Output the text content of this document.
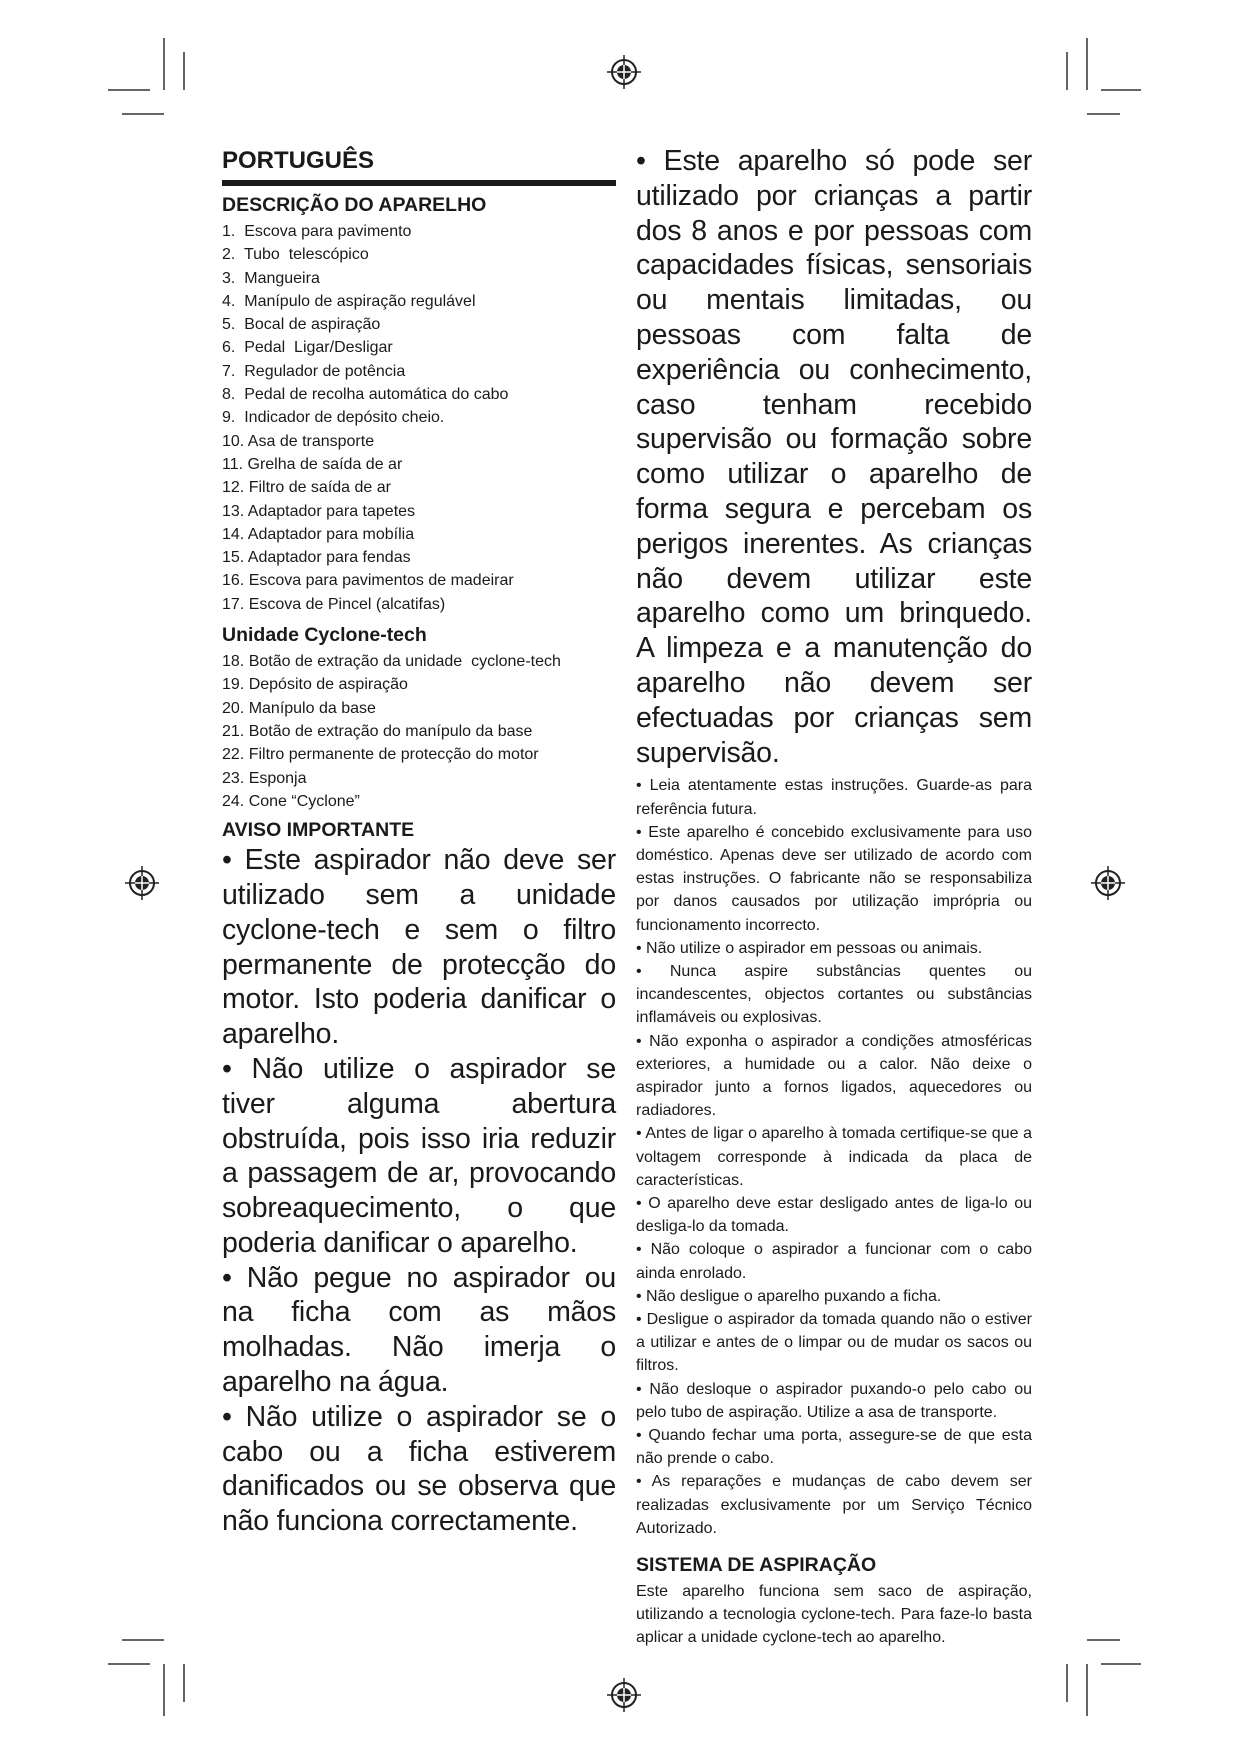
PORTUGUÊS
DESCRIÇÃO DO APARELHO
1.  Escova para pavimento
2.  Tubo  telescópico
3.  Mangueira
4.  Manípulo de aspiração regulável
5.  Bocal de aspiração
6.  Pedal  Ligar/Desligar
7.  Regulador de potência
8.  Pedal de recolha automática do cabo
9.  Indicador de depósito cheio.
10. Asa de transporte
11. Grelha de saída de ar
12. Filtro de saída de ar
13. Adaptador para tapetes
14. Adaptador para mobília
15. Adaptador para fendas
16. Escova para pavimentos de madeirar
17. Escova de Pincel (alcatifas)
Unidade Cyclone-tech
18. Botão de extração da unidade  cyclone-tech
19. Depósito de aspiração
20. Manípulo da base
21. Botão de extração do manípulo da base
22. Filtro permanente de protecção do motor
23. Esponja
24. Cone “Cyclone”
AVISO IMPORTANTE

• Este aspirador não deve ser utilizado sem a unidade cyclone-tech e sem o filtro permanente de protecção do motor. Isto poderia danificar o aparelho.

• Não utilize o aspirador se tiver alguma abertura obstruída, pois isso iria reduzir a passagem de ar, provocando sobreaquecimento, o que poderia danificar o aparelho.

• Não pegue no aspirador ou na ficha com as mãos molhadas. Não imerja o aparelho na água.

• Não utilize o aspirador se o cabo ou a ficha estiverem danificados ou se observa que não funciona correctamente.

• Este aparelho só pode ser utilizado por crianças a partir dos 8 anos e por pessoas com capacidades físicas, sensoriais ou mentais limitadas, ou pessoas com falta de experiência ou conhecimento, caso tenham recebido supervisão ou formação sobre como utilizar o aparelho de forma segura e percebam os perigos inerentes. As crianças não devem utilizar este aparelho como um brinquedo. A limpeza e a manutenção do aparelho não devem ser efectuadas por crianças sem supervisão.

• Leia atentamente estas instruções. Guarde-as para referência futura.

• Este aparelho é concebido exclusivamente para uso doméstico. Apenas deve ser utilizado de acordo com estas instruções. O fabricante não se responsabiliza por danos causados por utilização imprópria ou funcionamento incorrecto.

• Não utilize o aspirador em pessoas ou animais.

• Nunca aspire substâncias quentes ou incandescentes, objectos cortantes ou substâncias inflamáveis ou explosivas.

• Não exponha o aspirador a condições atmosféricas exteriores, a humidade ou a calor. Não deixe o aspirador junto a fornos ligados, aquecedores ou radiadores.

• Antes de ligar o aparelho à tomada certifique-se que a voltagem corresponde à indicada da placa de características.

• O aparelho deve estar desligado antes de liga-lo ou desliga-lo da tomada.

• Não coloque o aspirador a funcionar com o cabo ainda enrolado.

• Não desligue o aparelho puxando a ficha.

• Desligue o aspirador da tomada quando não o estiver a utilizar e antes de o limpar ou de mudar os sacos ou filtros.

• Não desloque o aspirador puxando-o pelo cabo ou pelo tubo de aspiração. Utilize a asa de transporte.

• Quando fechar uma porta, assegure-se de que esta não prende o cabo.

• As reparações e mudanças de cabo devem ser realizadas exclusivamente por um Serviço Técnico Autorizado.

SISTEMA DE ASPIRAÇÃO

Este aparelho funciona sem saco de aspiração, utilizando a tecnologia cyclone-tech. Para faze-lo basta aplicar a unidade cyclone-tech ao aparelho.
